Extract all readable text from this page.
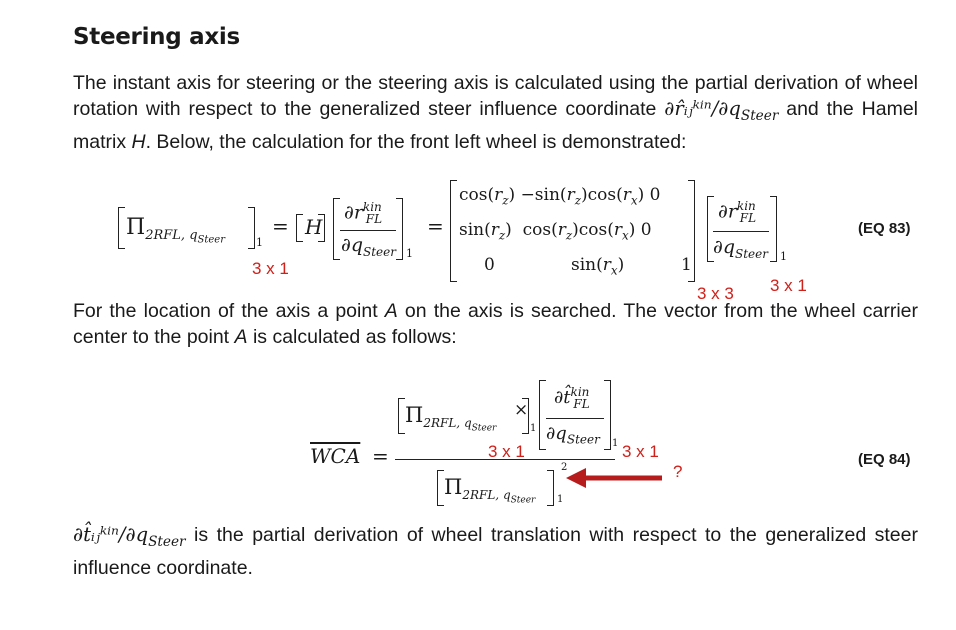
Steering axis
The instant axis for steering or the steering axis is calculated using the partial derivation of wheel rotation with respect to the generalized steer influence coordinate $\partial r̂ᵢⱼᵏ^{in}/\partial q_{Steer}$ and the Hamel matrix H. Below, the calculation for the front left wheel is demonstrated:
$\Pi_{2RFL, q_{Steer}}$	1
= H
$\partial r^{kin}_{FL}$
$\partial q_{Steer}$ 1
=
$\cos(r_z) -\sin(r_z)\cos(r_x)$ 0
$\sin(r_z)$  $\cos(r_z)\cos(r_x)$ 0
0	$\sin(r_x)$	1
$\partial r^{kin}_{FL}$
$\partial q_{Steer}$ 1
(EQ 83)
3 x 1
3 x 3 3 x 1
For the location of the axis a point A on the axis is searched. The vector from the wheel carrier center to the point A is calculated as follows:
$\overline{WCA}$ =
$\Pi_{2RFL, q_{Steer}}$	1
×
∂t̂$^{kin}_{FL}$
$\partial q_{Steer}$ 1
$\Pi_{2RFL, q_{Steer}}$ 1
2
3 x 1	3 x 1
?
(EQ 84)
$\partial t̂ᵢⱼᵏ^{in}/\partial q_{Steer}$ is the partial derivation of wheel translation with respect to the generalized steer influence coordinate.
